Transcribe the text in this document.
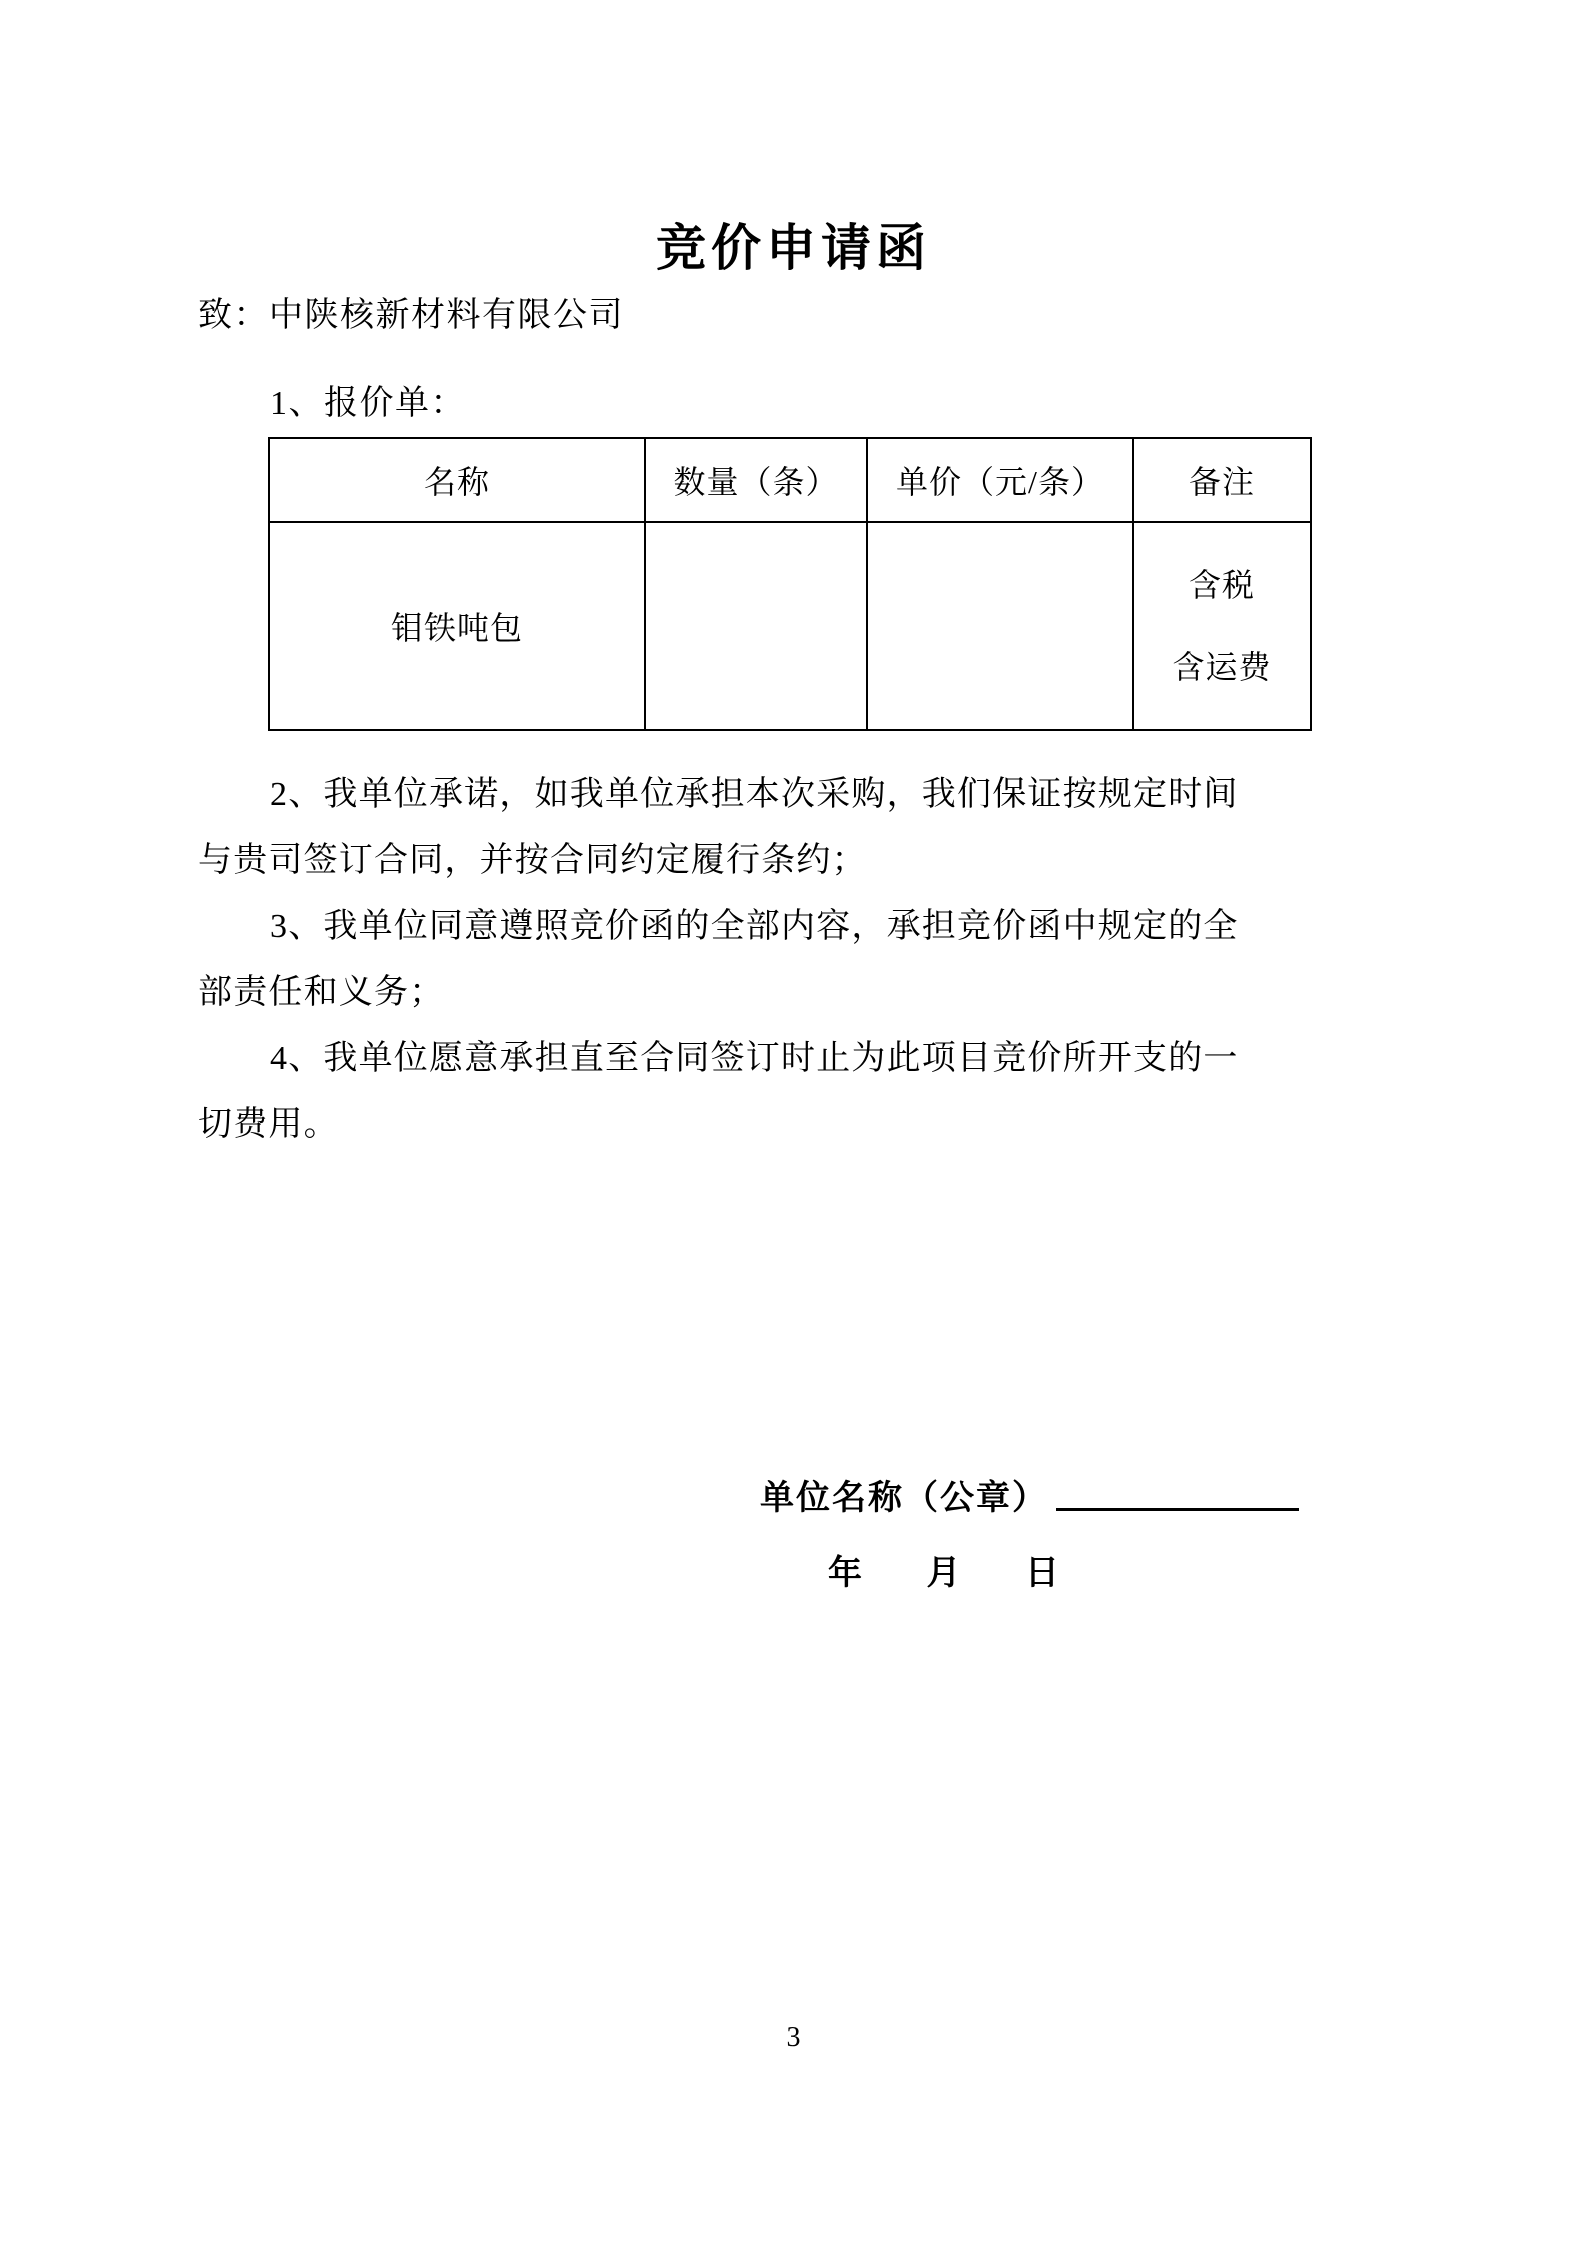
竞价申请函
致：中陕核新材料有限公司
1、报价单：
名称	数量（条）	单价（元/条）	备注
钼铁吨包			含税
含运费
2、我单位承诺，如我单位承担本次采购，我们保证按规定时间
与贵司签订合同，并按合同约定履行条约；
3、我单位同意遵照竞价函的全部内容，承担竞价函中规定的全
部责任和义务；
4、我单位愿意承担直至合同签订时止为此项目竞价所开支的一
切费用。
单位名称（公章）
年 月 日
3
